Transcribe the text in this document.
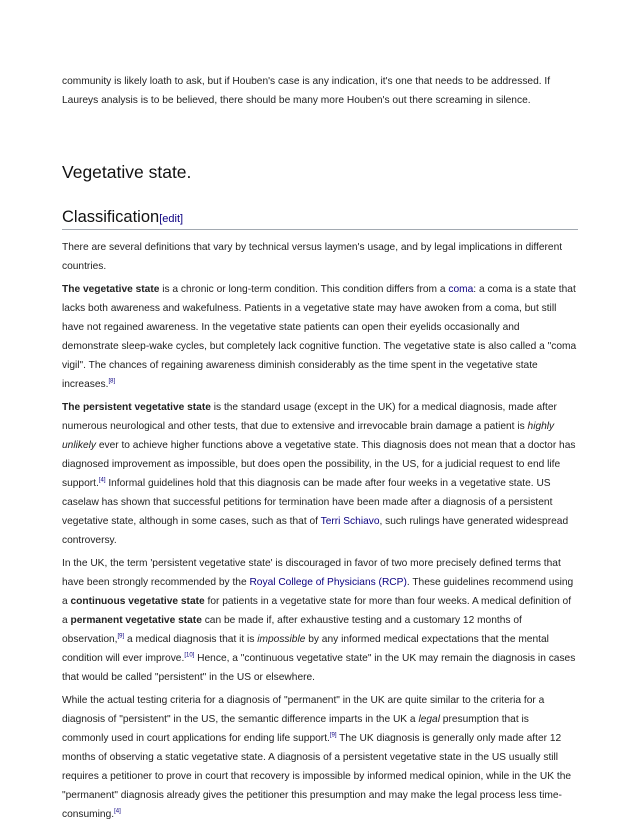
community is likely loath to ask, but if Houben's case is any indication, it's one that needs to be addressed. If Laureys analysis is to be believed, there should be many more Houben's out there screaming in silence.

Vegetative state.
Classification[edit]

There are several definitions that vary by technical versus laymen's usage, and by legal implications in different countries.

The vegetative state is a chronic or long-term condition. This condition differs from a coma: a coma is a state that lacks both awareness and wakefulness. Patients in a vegetative state may have awoken from a coma, but still have not regained awareness. In the vegetative state patients can open their eyelids occasionally and demonstrate sleep-wake cycles, but completely lack cognitive function. The vegetative state is also called a "coma vigil". The chances of regaining awareness diminish considerably as the time spent in the vegetative state increases.[8]

The persistent vegetative state is the standard usage (except in the UK) for a medical diagnosis, made after numerous neurological and other tests, that due to extensive and irrevocable brain damage a patient is highly unlikely ever to achieve higher functions above a vegetative state. This diagnosis does not mean that a doctor has diagnosed improvement as impossible, but does open the possibility, in the US, for a judicial request to end life support.[4] Informal guidelines hold that this diagnosis can be made after four weeks in a vegetative state. US caselaw has shown that successful petitions for termination have been made after a diagnosis of a persistent vegetative state, although in some cases, such as that of Terri Schiavo, such rulings have generated widespread controversy.

In the UK, the term 'persistent vegetative state' is discouraged in favor of two more precisely defined terms that have been strongly recommended by the Royal College of Physicians (RCP). These guidelines recommend using a continuous vegetative state for patients in a vegetative state for more than four weeks. A medical definition of a permanent vegetative state can be made if, after exhaustive testing and a customary 12 months of observation,[9] a medical diagnosis that it is impossible by any informed medical expectations that the mental condition will ever improve.[10] Hence, a "continuous vegetative state" in the UK may remain the diagnosis in cases that would be called "persistent" in the US or elsewhere.

While the actual testing criteria for a diagnosis of "permanent" in the UK are quite similar to the criteria for a diagnosis of "persistent" in the US, the semantic difference imparts in the UK a legal presumption that is commonly used in court applications for ending life support.[9] The UK diagnosis is generally only made after 12 months of observing a static vegetative state. A diagnosis of a persistent vegetative state in the US usually still requires a petitioner to prove in court that recovery is impossible by informed medical opinion, while in the UK the "permanent" diagnosis already gives the petitioner this presumption and may make the legal process less time-consuming.[4]
